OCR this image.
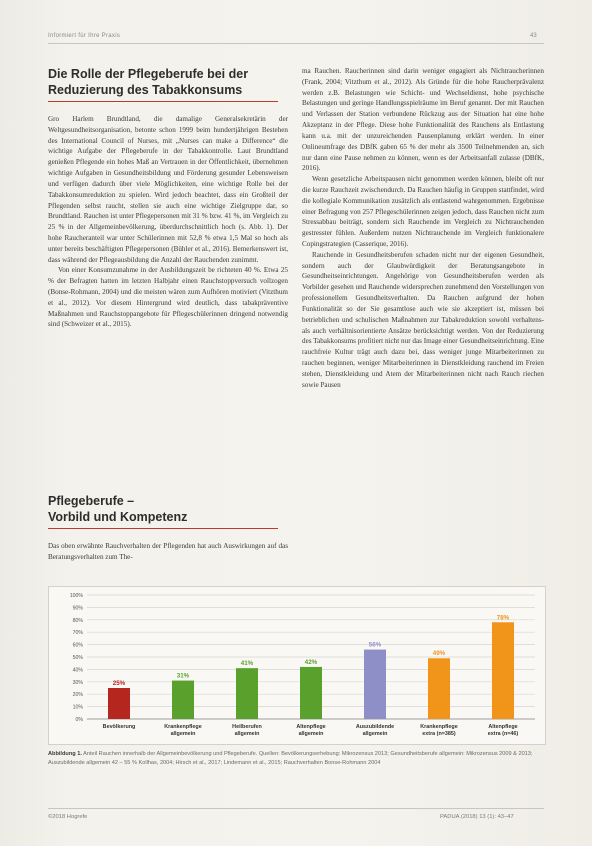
Informiert für Ihre Praxis	43
Die Rolle der Pflegeberufe bei der
Reduzierung des Tabakkonsums

Gro Harlem Brundtland, die damalige Generalsekretärin der Weltgesundheitsorganisation, betonte schon 1999 beim hundertjährigen Bestehen des International Council of Nurses, mit „Nurses can make a Difference“ die wichtige Aufgabe der Pflegeberufe in der Tabakkontrolle. Laut Brundtland genießen Pflegende ein hohes Maß an Vertrauen in der Öffentlichkeit, übernehmen wichtige Aufgaben in Gesundheitsbildung und Förderung gesunder Lebensweisen und verfügen dadurch über viele Möglichkeiten, eine wichtige Rolle bei der Tabakkonsumreduktion zu spielen. Wird jedoch beachtet, dass ein Großteil der Pflegenden selbst raucht, stellen sie auch eine wichtige Zielgruppe dar, so Brundtland. Rauchen ist unter Pflegepersonen mit 31 % bzw. 41 %, im Vergleich zu 25 % in der Allgemeinbevölkerung, überdurchschnittlich hoch (s. Abb. 1). Der hohe Raucheranteil war unter Schülerinnen mit 52,8 % etwa 1,5 Mal so hoch als unter bereits beschäftigten Pflegepersonen (Bühler et al., 2016). Bemerkenswert ist, dass während der Pflegeausbildung die Anzahl der Rauchenden zunimmt.

Von einer Konsumzunahme in der Ausbildungszeit be richteten 40 %. Etwa 25 % der Befragten hatten im letzten Halbjahr einen Rauchstoppversuch vollzogen (Bonse-Rohmann, 2004) und die meisten wären zum Aufhören motiviert (Vitzthum et al., 2012). Vor diesem Hintergrund wird deutlich, dass tabakpräventive Maßnahmen und Rauchstoppangebote für Pflegeschülerinnen dringend notwendig sind (Schweizer et al., 2015).

Pflegeberufe –
Vorbild und Kompetenz

Das oben erwähnte Rauchverhalten der Pflegenden hat auch Auswirkungen auf das Beratungsverhalten zum The-

ma Rauchen. Raucherinnen sind darin weniger engagiert als Nichtraucherinnen (Frank, 2004; Vitzthum et al., 2012). Als Gründe für die hohe Raucherprävalenz werden z.B. Belastungen wie Schicht- und Wechseldienst, hohe psychische Belastungen und geringe Handlungsspielräume im Beruf genannt. Der mit Rauchen und Verlassen der Station verbundene Rückzug aus der Situation hat eine hohe Akzeptanz in der Pflege. Diese hohe Funktionalität des Rauchens als Entlastung kann u.a. mit der unzureichenden Pausenplanung erklärt werden. In einer Onlineumfrage des DBfK gaben 65 % der mehr als 3500 Teilnehmenden an, sich nur dann eine Pause nehmen zu können, wenn es der Arbeitsanfall zulasse (DBfK, 2016).

Wenn gesetzliche Arbeitspausen nicht genommen werden können, bleibt oft nur die kurze Rauchzeit zwischendurch. Da Rauchen häufig in Gruppen stattfindet, wird die kollegiale Kommunikation zusätzlich als entlastend wahrgenommen. Ergebnisse einer Befragung von 257 Pflegeschülerinnen zeigen jedoch, dass Rauchen nicht zum Stressabbau beiträgt, sondern sich Rauchende im Vergleich zu Nichtrauchenden gestresster fühlen. Außerdem nutzen Nichtrauchende im Vergleich funktionalere Copingstrategien (Casserique, 2016).

Rauchende in Gesundheitsberufen schaden nicht nur der eigenen Gesundheit, sondern auch der Glaubwürdigkeit der Beratungsangebote in Gesundheitseinrichtungen. Angehörige von Gesundheitsberufen werden als Vorbilder gesehen und Rauchende widersprechen zunehmend den Vorstellungen von professionellem Gesundheitsverhalten. Da Rauchen aufgrund der hohen Funktionalität so der Sie gesamtlose auch wie sie akzeptiert ist, müssen bei betrieblichen und schulischen Maßnahmen zur Tabakreduktion sowohl verhaltens- als auch verhältnisorientierte Ansätze berücksichtigt werden. Von der Reduzierung des Tabakkonsums profitiert nicht nur das Image einer Gesundheitseinrichtung. Eine rauchfreie Kultur trägt auch dazu bei, dass weniger junge Mitarbeiterinnen zu rauchen beginnen, weniger Mitarbeiterinnen in Dienstkleidung rauchend im Freien stehen, Dienstkleidung und Atem der Mitarbeiterinnen nicht nach Rauch riechen sowie Pausen

0%
10%
20%
30%
40%
50%
60%
70%
80%
90%
100%
25%
Bevölkerung
31%
Krankenpflege
allgemein
41%
Heilberufen
allgemein
42%
Altenpflege
allgemein
56%
Auszubildende
allgemein
49%
Krankenpflege
extra (n=385)
78%
Altenpflege
extra (n=46)
Abbildung 1. Anteil Rauchen innerhalb der Allgemeinbevölkerung und Pflegeberufe. Quellen: Bevölkerungserhebung: Mikrozensus 2013; Gesundheitsberufe allgemein: Mikrozensus 2009 & 2013; Auszubildende allgemein 42 – 55 % Kollhas, 2004; Hirsch et al., 2017; Lindemann et al., 2015; Rauchverhalten Bonse-Rohmann 2004
©2018 Hogrefe	PADUA (2018) 13 (1): 43–47
